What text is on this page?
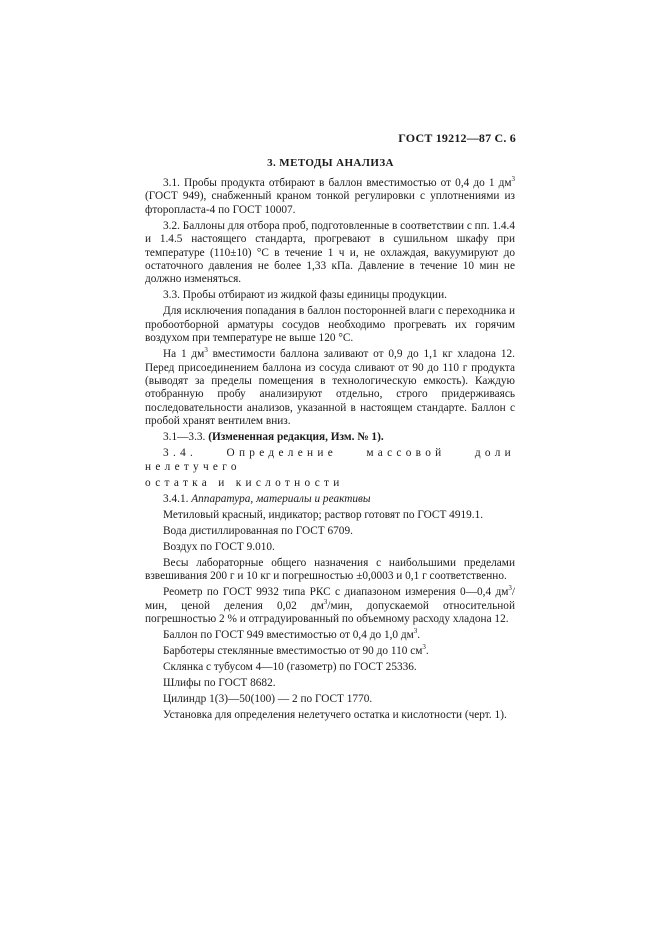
ГОСТ 19212—87 С. 6
3. МЕТОДЫ АНАЛИЗА

3.1. Пробы продукта отбирают в баллон вместимостью от 0,4 до 1 $дм^3$ (ГОСТ 949), снабженный краном тонкой регулировки с уплотнениями из фторопласта-4 по ГОСТ 10007.

3.2. Баллоны для отбора проб, подготовленные в соответствии с пп. 1.4.4 и 1.4.5 настоящего стандарта, прогревают в сушильном шкафу при температуре (110±10) °С в течение 1 ч и, не охлаждая, вакуумируют до остаточного давления не более 1,33 кПа. Давление в течение 10 мин не должно изменяться.

3.3. Пробы отбирают из жидкой фазы единицы продукции.

Для исключения попадания в баллон посторонней влаги с переходника и пробоотборной арматуры сосудов необходимо прогревать их горячим воздухом при температуре не выше 120 °С.

На 1 $дм^3$ вместимости баллона заливают от 0,9 до 1,1 кг хладона 12. Перед присоединением баллона из сосуда сливают от 90 до 110 г продукта (выводят за пределы помещения в технологическую емкость). Каждую отобранную пробу анализируют отдельно, строго придерживаясь последовательности анализов, указанной в настоящем стандарте. Баллон с пробой хранят вентилем вниз.

3.1—3.3. (Измененная редакция, Изм. № 1).

3.4. Определение массовой доли нелетучего

остатка и кислотности

3.4.1. Аппаратура, материалы и реактивы

Метиловый красный, индикатор; раствор готовят по ГОСТ 4919.1.

Вода дистиллированная по ГОСТ 6709.

Воздух по ГОСТ 9.010.

Весы лабораторные общего назначения с наибольшими пределами взвешивания 200 г и 10 кг и погрешностью ±0,0003 и 0,1 г соответственно.

Реометр по ГОСТ 9932 типа РКС с диапазоном измерения 0—0,4 $дм^3$/мин, ценой деления 0,02 $дм^3$/мин, допускаемой относительной погрешностью 2 % и отградуированный по объемному расходу хладона 12.

Баллон по ГОСТ 949 вместимостью от 0,4 до 1,0 $дм^3$.

Барботеры стеклянные вместимостью от 90 до 110 $см^3$.

Склянка с тубусом 4—10 (газометр) по ГОСТ 25336.

Шлифы по ГОСТ 8682.

Цилиндр 1(3)—50(100) — 2 по ГОСТ 1770.

Установка для определения нелетучего остатка и кислотности (черт. 1).
